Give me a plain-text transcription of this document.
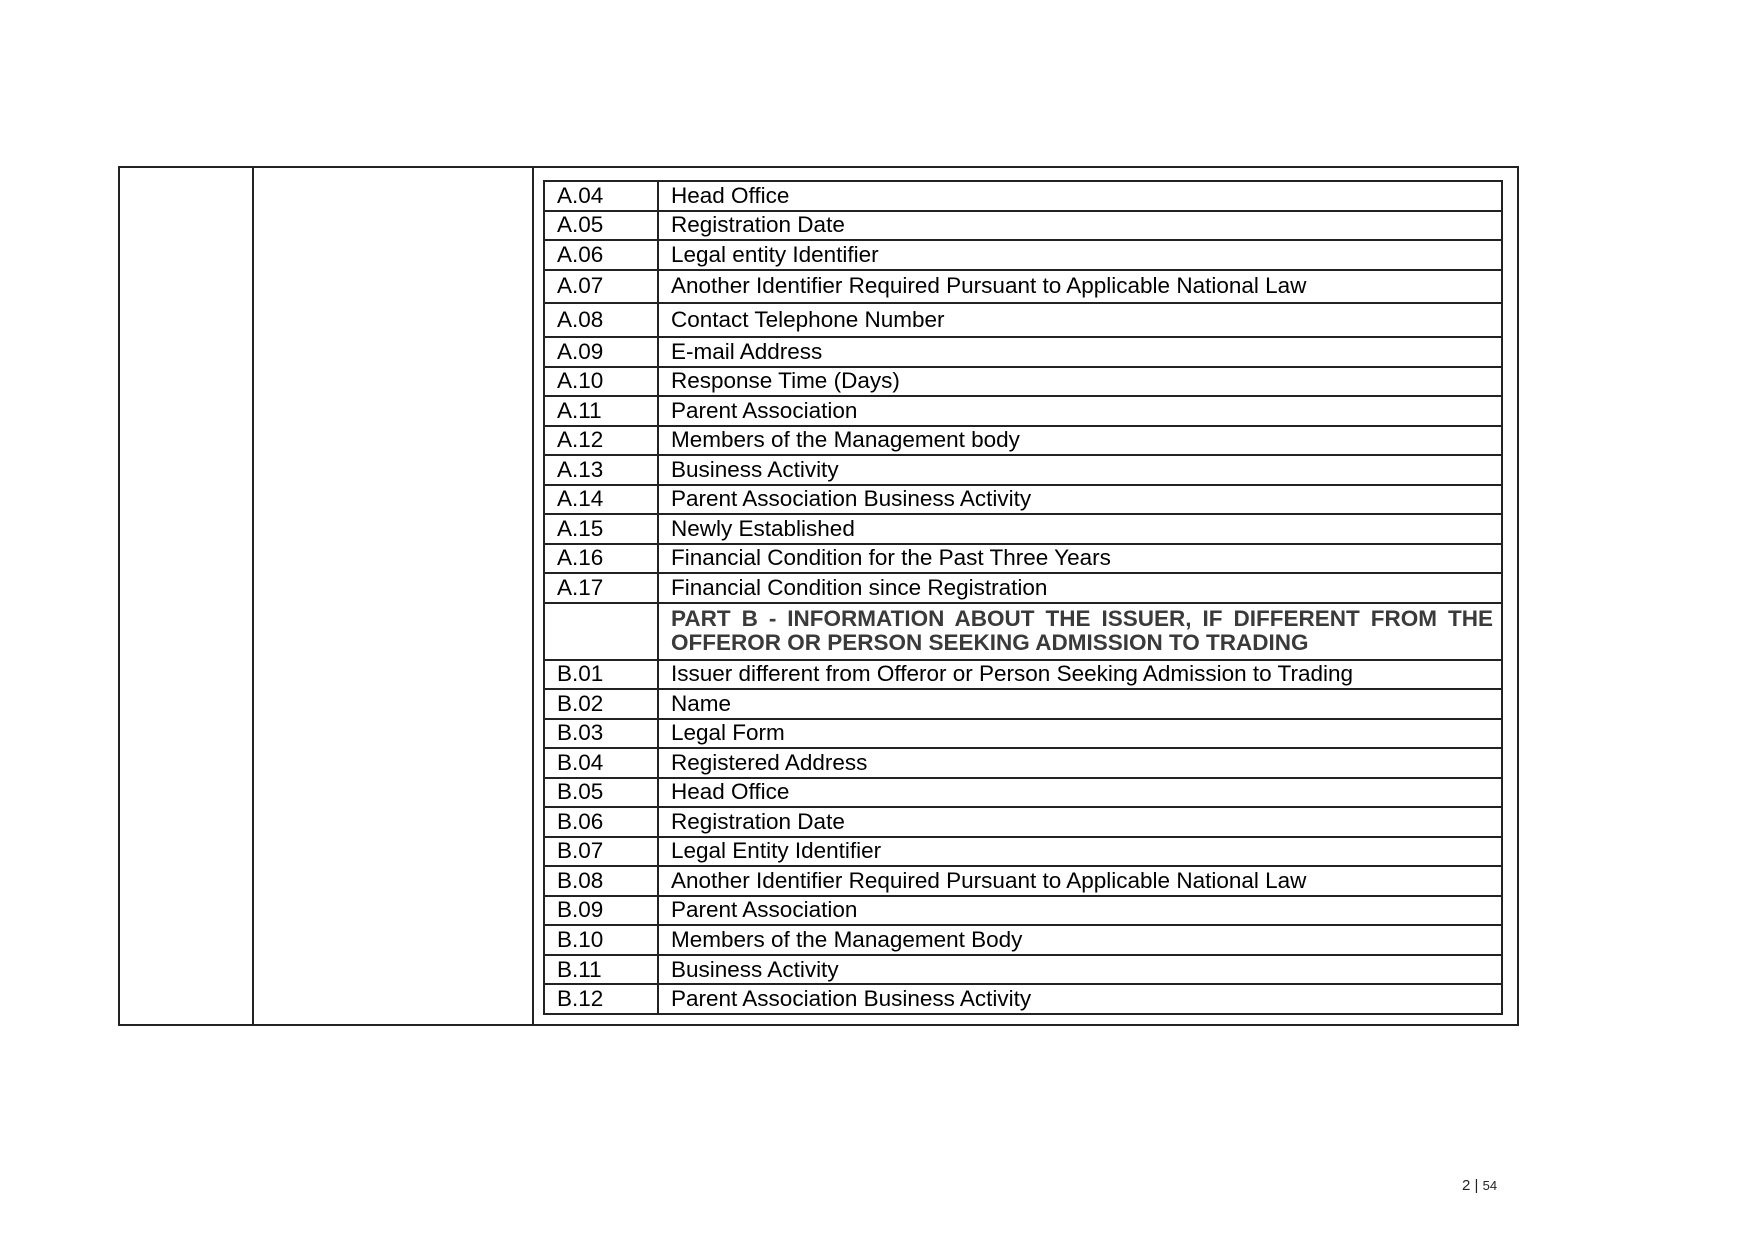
A.04	Head Office
A.05	Registration Date
A.06	Legal entity Identifier
A.07	Another Identifier Required Pursuant to Applicable National Law
A.08	Contact Telephone Number
A.09	E-mail Address
A.10	Response Time (Days)
A.11	Parent Association
A.12	Members of the Management body
A.13	Business Activity
A.14	Parent Association Business Activity
A.15	Newly Established
A.16	Financial Condition for the Past Three Years
A.17	Financial Condition since Registration
	PART B - INFORMATION ABOUT THE ISSUER, IF DIFFERENT FROM THE OFFEROR OR PERSON SEEKING ADMISSION TO TRADING
B.01	Issuer different from Offeror or Person Seeking Admission to Trading
B.02	Name
B.03	Legal Form
B.04	Registered Address
B.05	Head Office
B.06	Registration Date
B.07	Legal Entity Identifier
B.08	Another Identifier Required Pursuant to Applicable National Law
B.09	Parent Association
B.10	Members of the Management Body
B.11	Business Activity
B.12	Parent Association Business Activity
2 | 54
